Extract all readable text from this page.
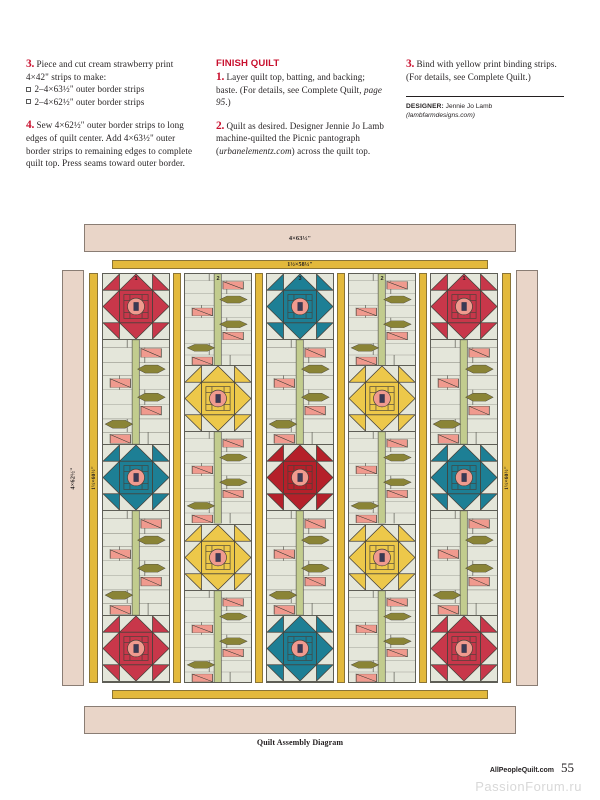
3. Piece and cut cream strawberry print 4×42" strips to make:
2–4×63½" outer border strips
2–4×62½" outer border strips

4. Sew 4×62½" outer border strips to long edges of quilt center. Add 4×63½" outer border strips to remaining edges to complete quilt top. Press seams toward outer border.

FINISH QUILT

1. Layer quilt top, batting, and backing; baste. (For details, see Complete Quilt, page 95.)

2. Quilt as desired. Designer Jennie Jo Lamb machine-quilted the Picnic pantograph (urbanelementz.com) across the quilt top.

3. Bind with yellow print binding strips. (For details, see Complete Quilt.)

DESIGNER: Jennie Jo Lamb
(lambfarmdesigns.com)

4×63½"
4×62½"
1½×58½"
1½×60½"	1½×60½"
1	2	3	2	1
Quilt Assembly Diagram
AllPeopleQuilt.com 55
PassionForum.ru
